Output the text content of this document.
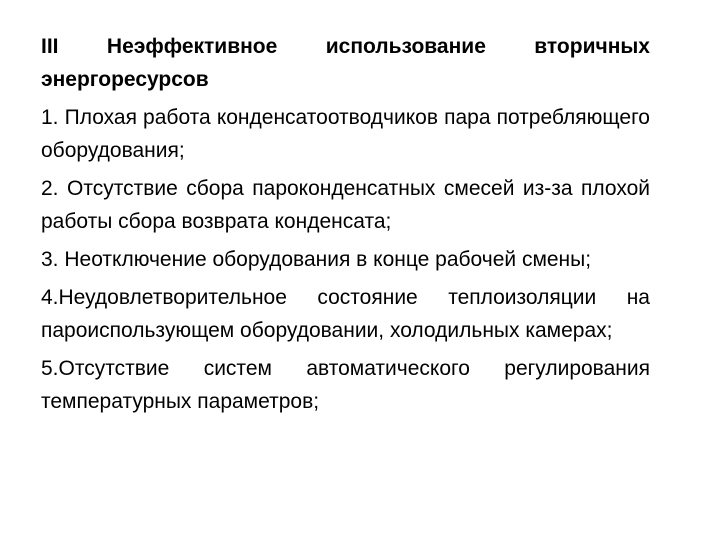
III Неэффективное использование вторичных энергоресурсов

1. Плохая работа конденсатоотводчиков пара потребляющего оборудования;

2. Отсутствие сбора пароконденсатных смесей из-за плохой работы сбора возврата конденсата;

3. Неотключение оборудования в конце рабочей смены;

4.Неудовлетворительное состояние теплоизоляции на пароиспользующем оборудовании, холодильных камерах;

5.Отсутствие систем автоматического регулирования температурных параметров;
